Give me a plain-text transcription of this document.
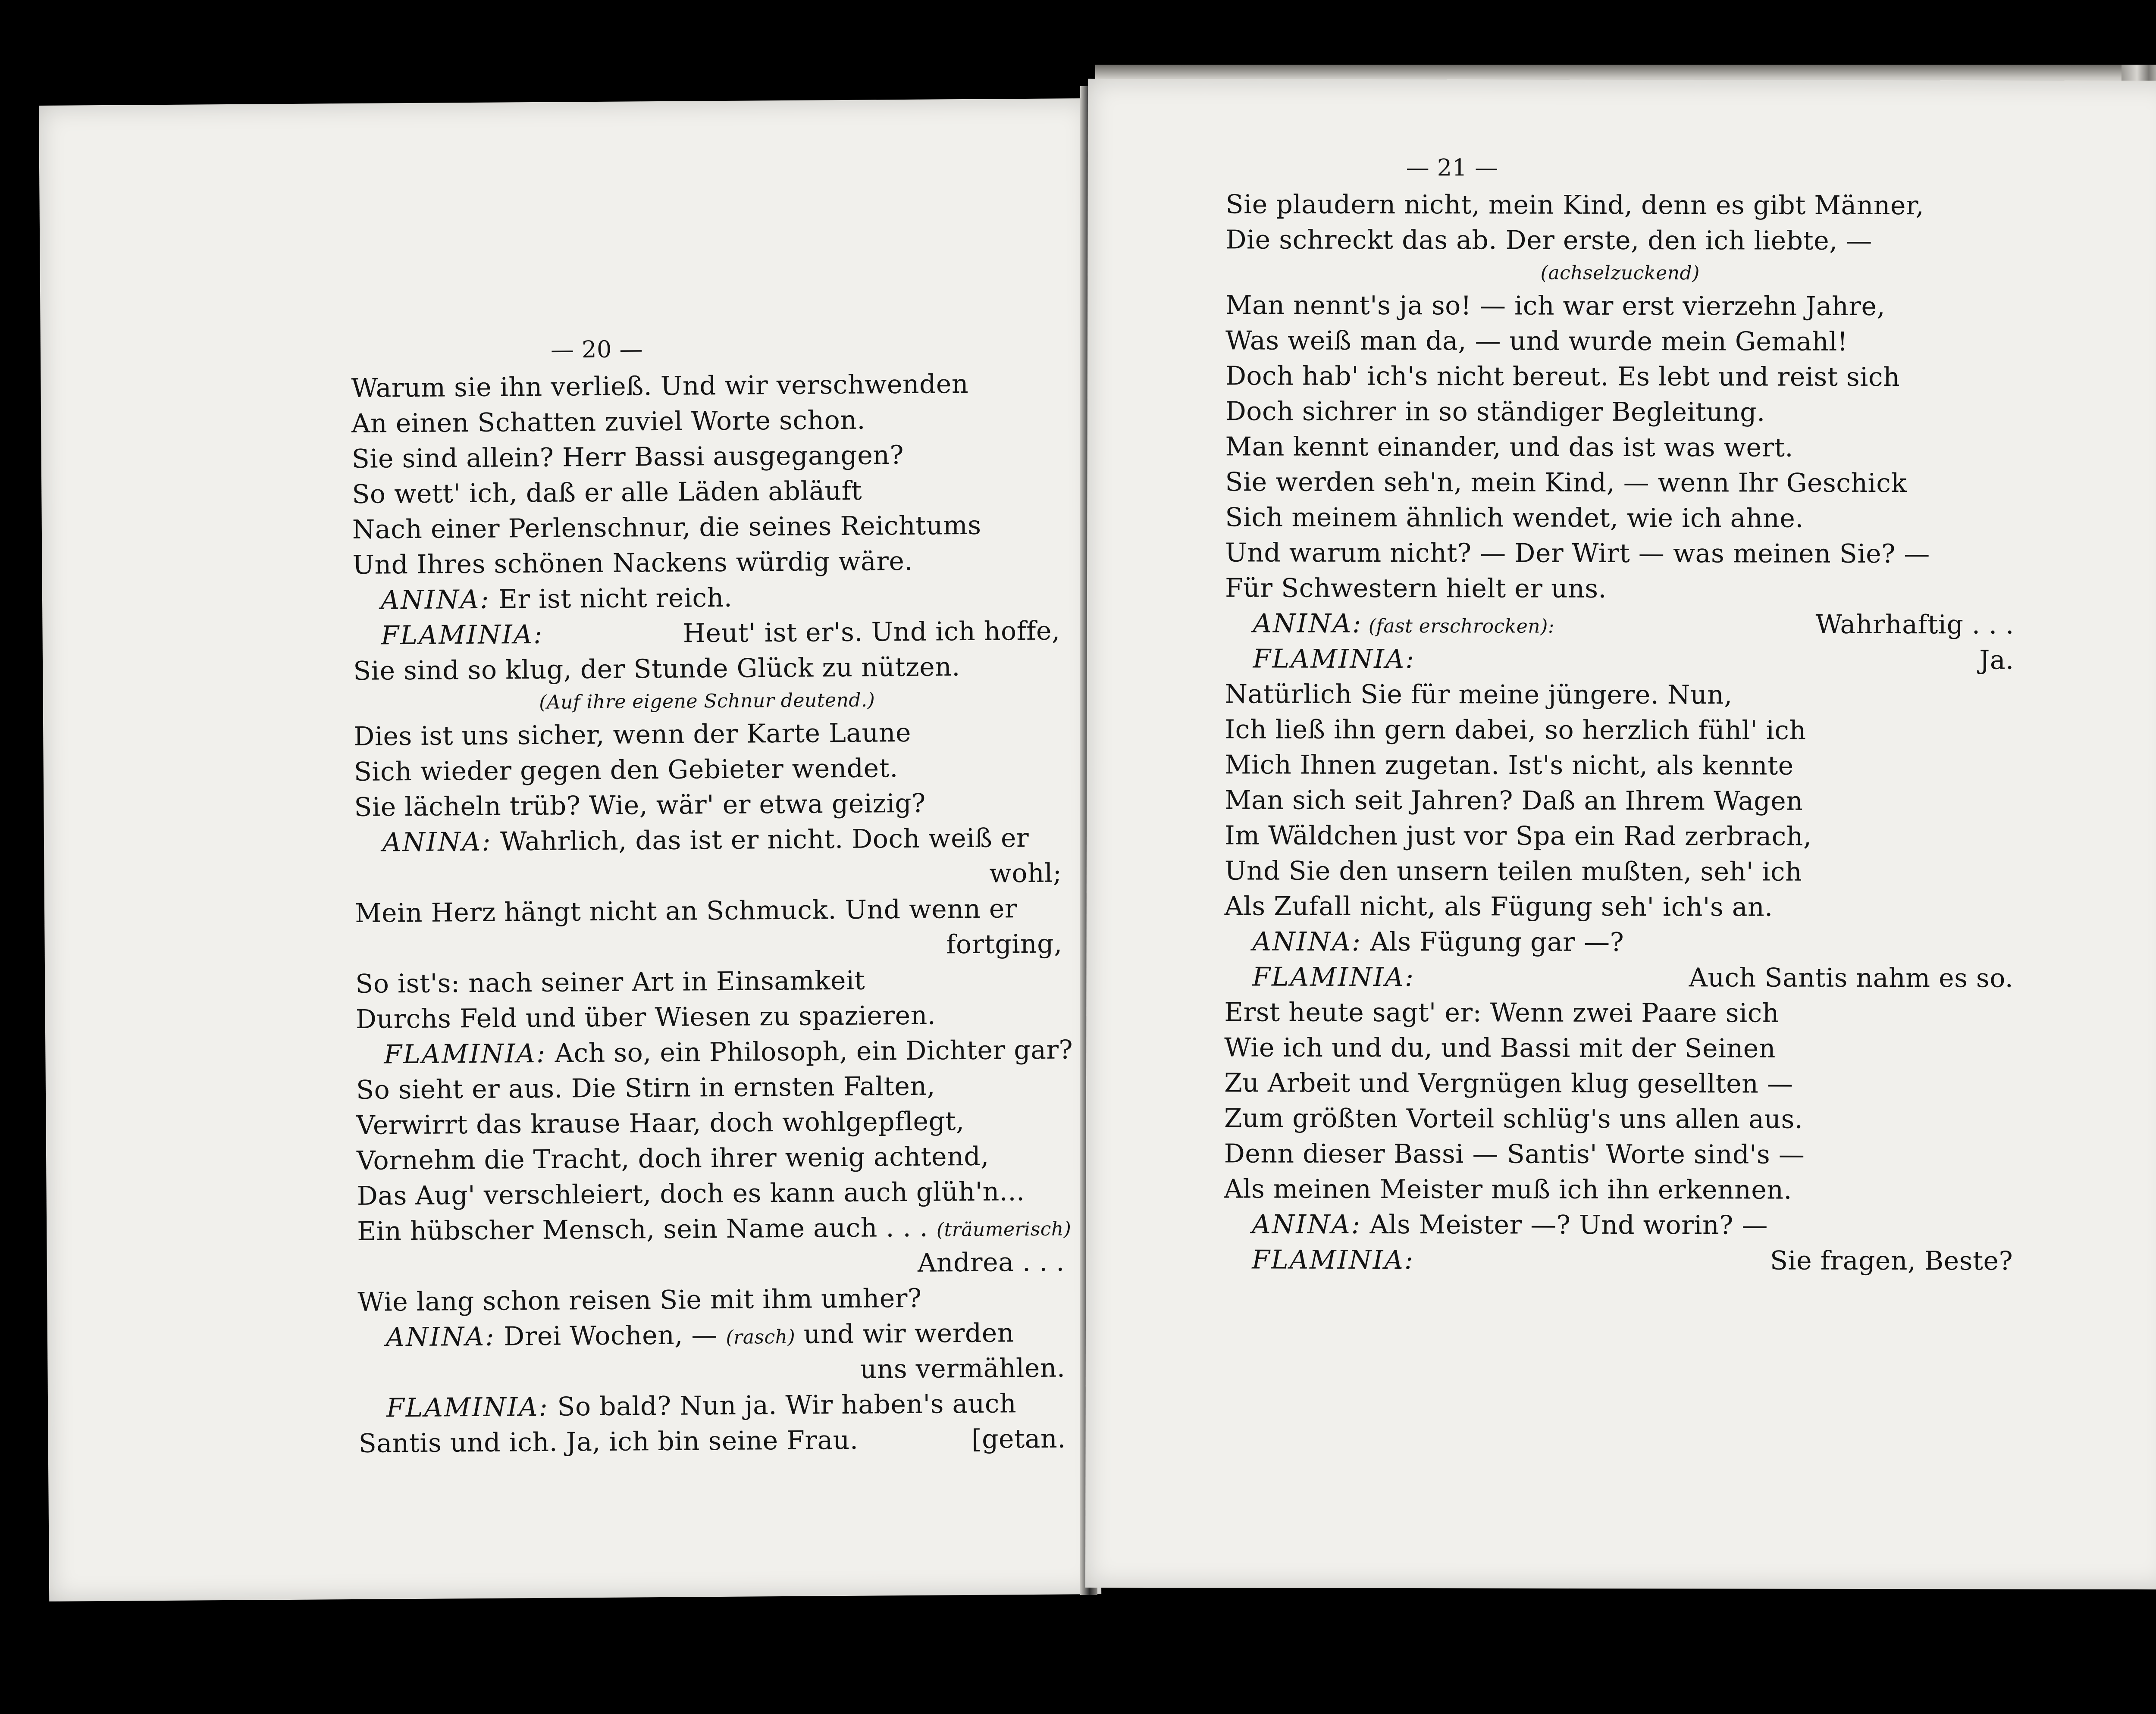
— 20 —
Warum sie ihn verließ. Und wir verschwenden
An einen Schatten zuviel Worte schon.
Sie sind allein? Herr Bassi ausgegangen?
So wett' ich, daß er alle Läden abläuft
Nach einer Perlenschnur, die seines Reichtums
Und Ihres schönen Nackens würdig wäre.
ANINA: Er ist nicht reich.
FLAMINIA:	Heut' ist er's. Und ich hoffe,
Sie sind so klug, der Stunde Glück zu nützen.
(Auf ihre eigene Schnur deutend.)
Dies ist uns sicher, wenn der Karte Laune
Sich wieder gegen den Gebieter wendet.
Sie lächeln trüb? Wie, wär' er etwa geizig?
ANINA: Wahrlich, das ist er nicht. Doch weiß er
wohl;
Mein Herz hängt nicht an Schmuck. Und wenn er
fortging,
So ist's: nach seiner Art in Einsamkeit
Durchs Feld und über Wiesen zu spazieren.
FLAMINIA: Ach so, ein Philosoph, ein Dichter gar?
So sieht er aus. Die Stirn in ernsten Falten,
Verwirrt das krause Haar, doch wohlgepflegt,
Vornehm die Tracht, doch ihrer wenig achtend,
Das Aug' verschleiert, doch es kann auch glüh'n...
Ein hübscher Mensch, sein Name auch . . . (träumerisch)
Andrea . . .
Wie lang schon reisen Sie mit ihm umher?
ANINA: Drei Wochen, — (rasch) und wir werden
uns vermählen.
FLAMINIA: So bald? Nun ja. Wir haben's auch
Santis und ich. Ja, ich bin seine Frau.	[getan.
— 21 —
Sie plaudern nicht, mein Kind, denn es gibt Männer,
Die schreckt das ab. Der erste, den ich liebte, —
(achselzuckend)
Man nennt's ja so! — ich war erst vierzehn Jahre,
Was weiß man da, — und wurde mein Gemahl!
Doch hab' ich's nicht bereut. Es lebt und reist sich
Doch sichrer in so ständiger Begleitung.
Man kennt einander, und das ist was wert.
Sie werden seh'n, mein Kind, — wenn Ihr Geschick
Sich meinem ähnlich wendet, wie ich ahne.
Und warum nicht? — Der Wirt — was meinen Sie? —
Für Schwestern hielt er uns.
ANINA: (fast erschrocken):	Wahrhaftig . . .
FLAMINIA:	Ja.
Natürlich Sie für meine jüngere. Nun,
Ich ließ ihn gern dabei, so herzlich fühl' ich
Mich Ihnen zugetan. Ist's nicht, als kennte
Man sich seit Jahren? Daß an Ihrem Wagen
Im Wäldchen just vor Spa ein Rad zerbrach,
Und Sie den unsern teilen mußten, seh' ich
Als Zufall nicht, als Fügung seh' ich's an.
ANINA: Als Fügung gar —?
FLAMINIA:	Auch Santis nahm es so.
Erst heute sagt' er: Wenn zwei Paare sich
Wie ich und du, und Bassi mit der Seinen
Zu Arbeit und Vergnügen klug gesellten —
Zum größten Vorteil schlüg's uns allen aus.
Denn dieser Bassi — Santis' Worte sind's —
Als meinen Meister muß ich ihn erkennen.
ANINA: Als Meister —? Und worin? —
FLAMINIA:	Sie fragen, Beste?
